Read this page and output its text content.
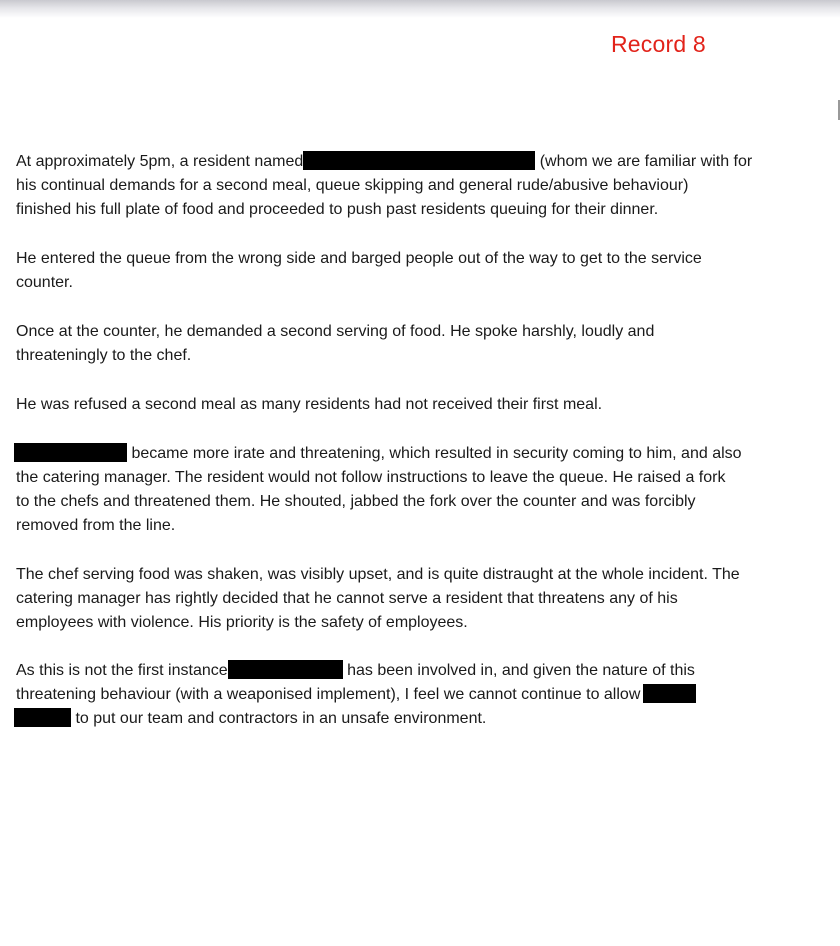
Record 8
At approximately 5pm, a resident named	(whom we are familiar with for
his continual demands for a second meal, queue skipping and general rude/abusive behaviour)
finished his full plate of food and proceeded to push past residents queuing for their dinner.
He entered the queue from the wrong side and barged people out of the way to get to the service
counter.
Once at the counter, he demanded a second serving of food. He spoke harshly, loudly and
threateningly to the chef.
He was refused a second meal as many residents had not received their first meal.
became more irate and threatening, which resulted in security coming to him, and also
the catering manager. The resident would not follow instructions to leave the queue. He raised a fork
to the chefs and threatened them. He shouted, jabbed the fork over the counter and was forcibly
removed from the line.
The chef serving food was shaken, was visibly upset, and is quite distraught at the whole incident. The
catering manager has rightly decided that he cannot serve a resident that threatens any of his
employees with violence. His priority is the safety of employees.
As this is not the first instance	has been involved in, and given the nature of this
threatening behaviour (with a weaponised implement), I feel we cannot continue to allow
to put our team and contractors in an unsafe environment.
